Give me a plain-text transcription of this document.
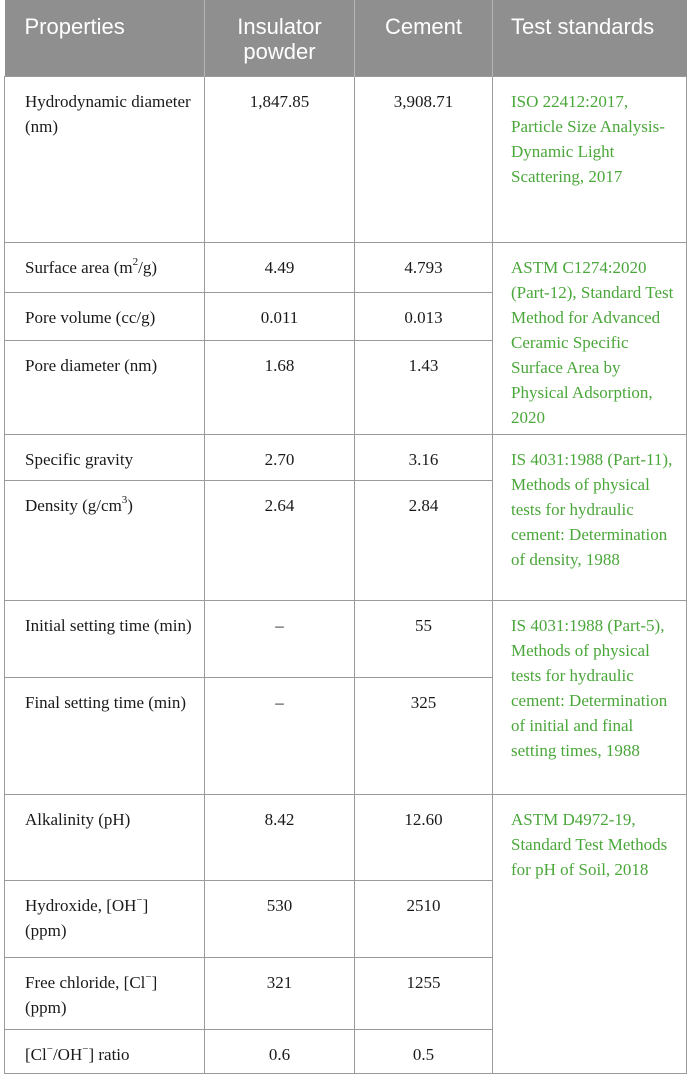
Properties	Insulator powder	Cement	Test standards
Hydrodynamic diameter (nm)	1,847.85	3,908.71	ISO 22412:2017, Particle Size Analysis-Dynamic Light Scattering, 2017
Surface area $(m^2/g)$	4.49	4.793	ASTM C1274:2020 (Part-12), Standard Test Method for Advanced Ceramic Specific Surface Area by Physical Adsorption, 2020
Pore volume (cc/g)	0.011	0.013	
Pore diameter (nm)	1.68	1.43	
Specific gravity	2.70	3.16	IS 4031:1988 (Part-11), Methods of physical tests for hydraulic cement: Determination of density, 1988
Density $(g/cm^3)$	2.64	2.84	
Initial setting time (min)	–	55	IS 4031:1988 (Part-5), Methods of physical tests for hydraulic cement: Determination of initial and final setting times, 1988
Final setting time (min)	–	325	
Alkalinity (pH)	8.42	12.60	ASTM D4972-19, Standard Test Methods for pH of Soil, 2018
Hydroxide, [OH−] (ppm)	530	2510	
Free chloride, [Cl−] (ppm)	321	1255	
[Cl−/OH−] ratio	0.6	0.5	
